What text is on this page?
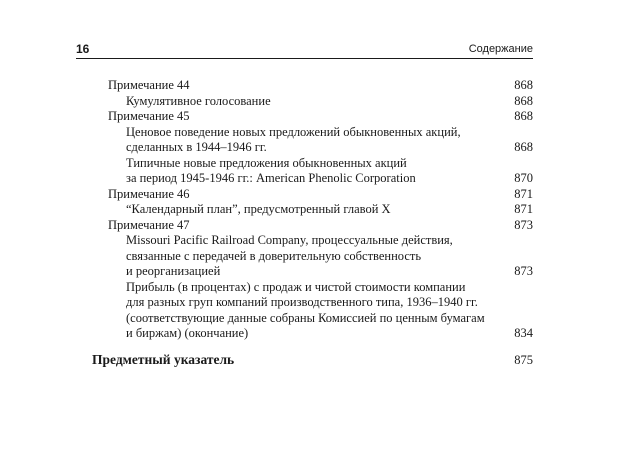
16	Содержание
Примечание 44	868
Кумулятивное голосование	868
Примечание 45	868
Ценовое поведение новых предложений обыкновенных акций,
сделанных в 1944–1946 гг.	868
Типичные новые предложения обыкновенных акций
за период 1945-1946 гг.: American Phenolic Corporation	870
Примечание 46	871
“Календарный план”, предусмотренный главой X	871
Примечание 47	873
Missouri Pacific Railroad Company, процессуальные действия,
связанные с передачей в доверительную собственность
и реорганизацией	873
Прибыль (в процентах) с продаж и чистой стоимости компании
для разных груп компаний производственного типа, 1936–1940 гг.
(соответствующие данные собраны Комиссией по ценным бумагам
и биржам) (окончание)	834
Предметный указатель	875
